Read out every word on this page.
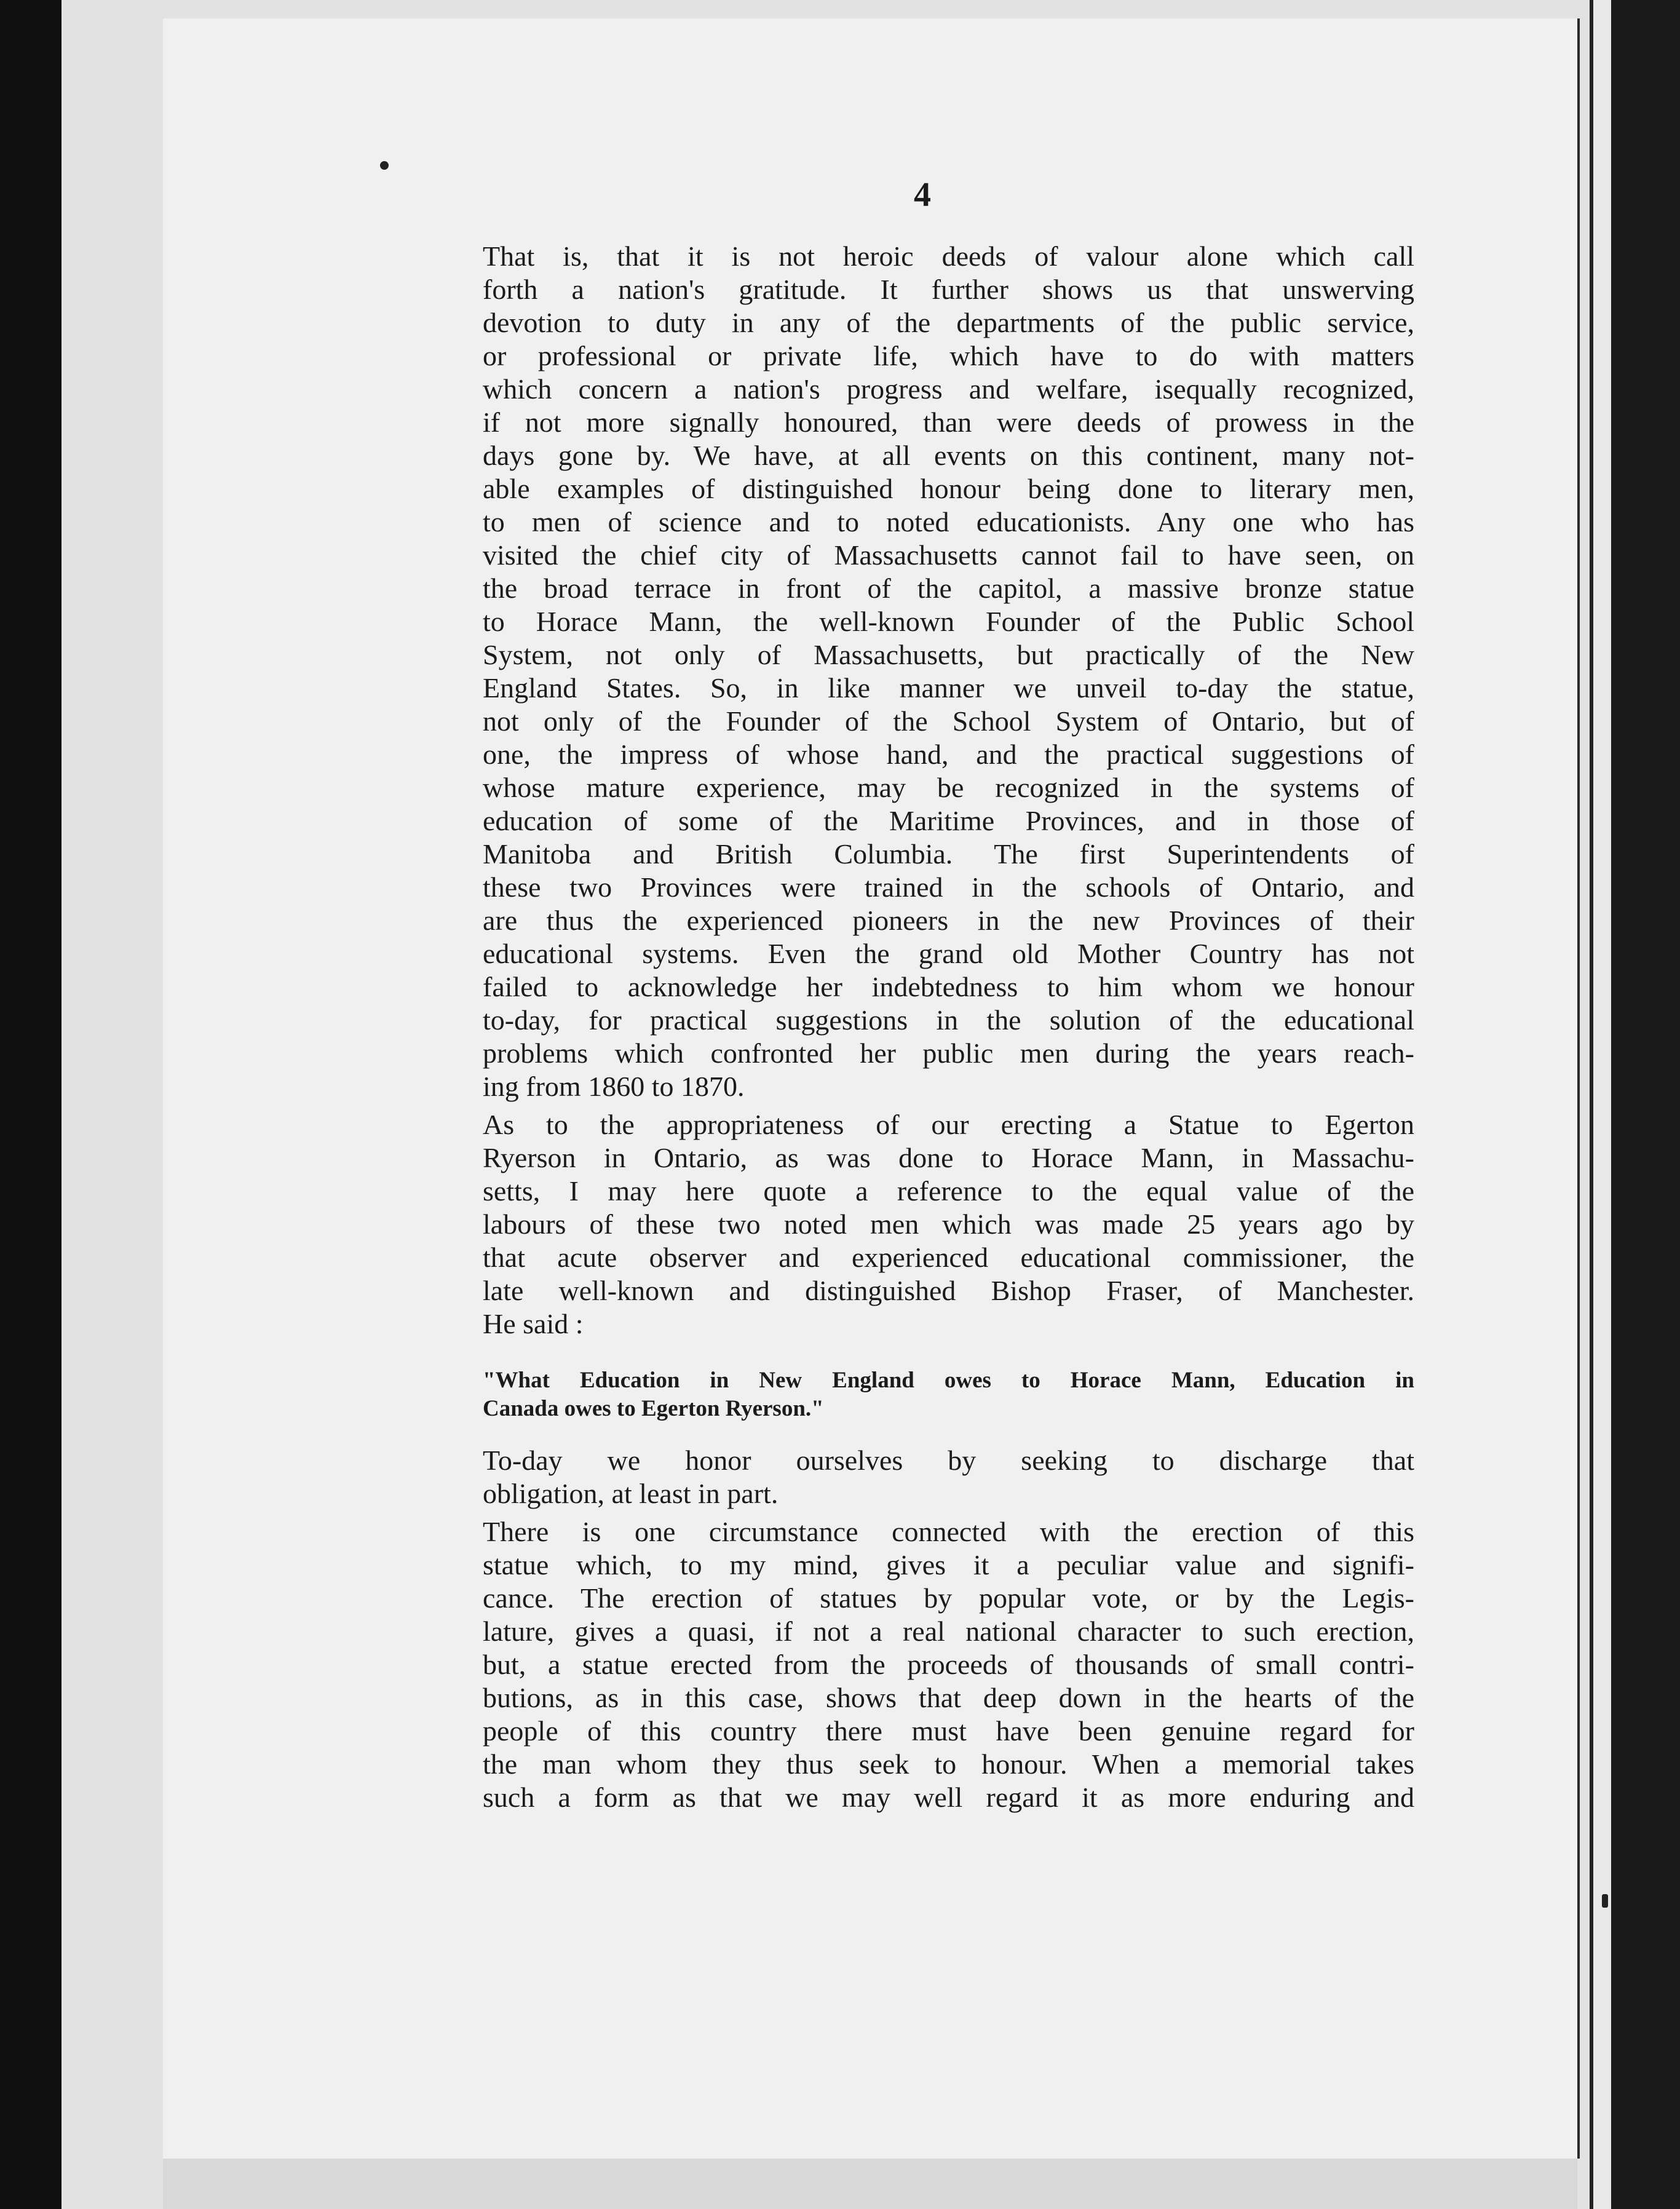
4
That is, that it is not heroic deeds of valour alone which call
forth a nation's gratitude. It further shows us that unswerving
devotion to duty in any of the departments of the public service,
or professional or private life, which have to do with matters
which concern a nation's progress and welfare, isequally recognized,
if not more signally honoured, than were deeds of prowess in the
days gone by. We have, at all events on this continent, many not-
able examples of distinguished honour being done to literary men,
to men of science and to noted educationists. Any one who has
visited the chief city of Massachusetts cannot fail to have seen, on
the broad terrace in front of the capitol, a massive bronze statue
to Horace Mann, the well-known Founder of the Public School
System, not only of Massachusetts, but practically of the New
England States. So, in like manner we unveil to-day the statue,
not only of the Founder of the School System of Ontario, but of
one, the impress of whose hand, and the practical suggestions of
whose mature experience, may be recognized in the systems of
education of some of the Maritime Provinces, and in those of
Manitoba and British Columbia. The first Superintendents of
these two Provinces were trained in the schools of Ontario, and
are thus the experienced pioneers in the new Provinces of their
educational systems. Even the grand old Mother Country has not
failed to acknowledge her indebtedness to him whom we honour
to-day, for practical suggestions in the solution of the educational
problems which confronted her public men during the years reach-
ing from 1860 to 1870.
As to the appropriateness of our erecting a Statue to Egerton
Ryerson in Ontario, as was done to Horace Mann, in Massachu-
setts, I may here quote a reference to the equal value of the
labours of these two noted men which was made 25 years ago by
that acute observer and experienced educational commissioner, the
late well-known and distinguished Bishop Fraser, of Manchester.
He said :
"What Education in New England owes to Horace Mann, Education in
Canada owes to Egerton Ryerson."
To-day we honor ourselves by seeking to discharge that
obligation, at least in part.
There is one circumstance connected with the erection of this
statue which, to my mind, gives it a peculiar value and signifi-
cance. The erection of statues by popular vote, or by the Legis-
lature, gives a quasi, if not a real national character to such erection,
but, a statue erected from the proceeds of thousands of small contri-
butions, as in this case, shows that deep down in the hearts of the
people of this country there must have been genuine regard for
the man whom they thus seek to honour. When a memorial takes
such a form as that we may well regard it as more enduring and
